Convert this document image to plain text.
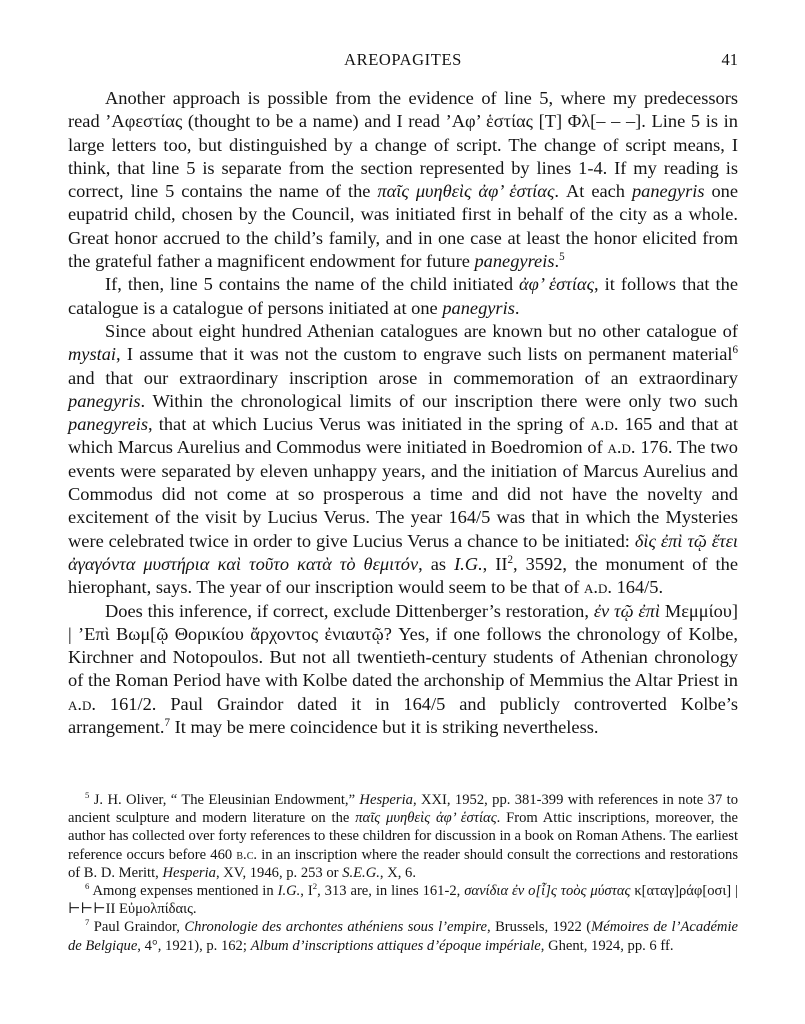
AREOPAGITES	41

Another approach is possible from the evidence of line 5, where my predecessors read ’Αφεστίας (thought to be a name) and I read ’Αφ’ ἑστίας [T] Φλ[– – –]. Line 5 is in large letters too, but distinguished by a change of script. The change of script means, I think, that line 5 is separate from the section represented by lines 1-4. If my reading is correct, line 5 contains the name of the παῖς μυηθεὶς ἀφ’ ἑστίας. At each panegyris one eupatrid child, chosen by the Council, was initiated first in behalf of the city as a whole. Great honor accrued to the child’s family, and in one case at least the honor elicited from the grateful father a magnificent endowment for future panegyreis.$^5$

If, then, line 5 contains the name of the child initiated ἀφ’ ἑστίας, it follows that the catalogue is a catalogue of persons initiated at one panegyris.

Since about eight hundred Athenian catalogues are known but no other catalogue of mystai, I assume that it was not the custom to engrave such lists on permanent material$^6$ and that our extraordinary inscription arose in commemoration of an extraordinary panegyris. Within the chronological limits of our inscription there were only two such panegyreis, that at which Lucius Verus was initiated in the spring of a.d. 165 and that at which Marcus Aurelius and Commodus were initiated in Boedromion of a.d. 176. The two events were separated by eleven unhappy years, and the initiation of Marcus Aurelius and Commodus did not come at so prosperous a time and did not have the novelty and excitement of the visit by Lucius Verus. The year 164/5 was that in which the Mysteries were celebrated twice in order to give Lucius Verus a chance to be initiated: δὶς ἐπὶ τῷ ἔτει ἀγαγόντα μυστήρια καὶ τοῦτο κατὰ τὸ θεμιτόν, as I.G., $II^2$, 3592, the monument of the hierophant, says. The year of our inscription would seem to be that of a.d. 164/5.

Does this inference, if correct, exclude Dittenberger’s restoration, ἐν τῷ ἐπὶ Μεμμίου] | ’Επὶ Βωμ[ῷ Θορικίου ἄρχοντος ἐνιαυτῷ? Yes, if one follows the chronology of Kolbe, Kirchner and Notopoulos. But not all twentieth-century students of Athenian chronology of the Roman Period have with Kolbe dated the archonship of Memmius the Altar Priest in a.d. 161/2. Paul Graindor dated it in 164/5 and publicly controverted Kolbe’s arrangement.$^7$ It may be mere coincidence but it is striking nevertheless.

$^5$ J. H. Oliver, “ The Eleusinian Endowment,” Hesperia, XXI, 1952, pp. 381-399 with references in note 37 to ancient sculpture and modern literature on the παῖς μυηθεὶς ἀφ’ ἑστίας. From Attic inscriptions, moreover, the author has collected over forty references to these children for discussion in a book on Roman Athens. The earliest reference occurs before 460 b.c. in an inscription where the reader should consult the corrections and restorations of B. D. Meritt, Hesperia, XV, 1946, p. 253 or S.E.G., X, 6.

$^6$ Among expenses mentioned in I.G., $I^2$, 313 are, in lines 161-2, σανίδια ἐν ο[ἷ]ς τοὸς μύστας κ[αταγ]ράφ[οσι] | ⊢⊢⊢II Εὐμολπίδαις.

$^7$ Paul Graindor, Chronologie des archontes athéniens sous l’empire, Brussels, 1922 (Mémoires de l’Académie de Belgique, 4°, 1921), p. 162; Album d’inscriptions attiques d’époque impériale, Ghent, 1924, pp. 6 ff.
